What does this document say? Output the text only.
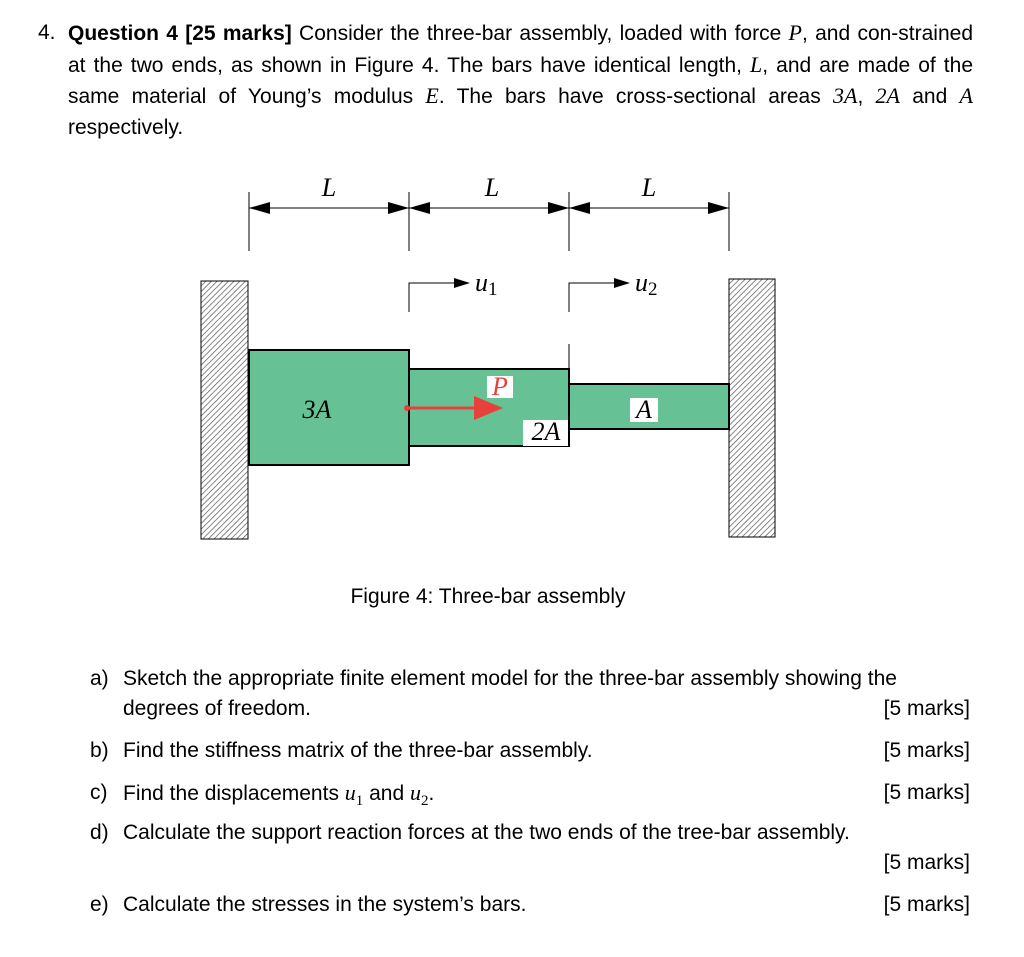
4. Question 4 [25 marks] Consider the three-bar assembly, loaded with force P, and con-strained at the two ends, as shown in Figure 4. The bars have identical length, L, and are made of the same material of Young’s modulus E. The bars have cross-sectional areas 3A, 2A and A respectively.
L	L	L
u1	u2
3A
2A
A
P
Figure 4: Three-bar assembly
a) Sketch the appropriate finite element model for the three-bar assembly showing the degrees of freedom.	[5 marks]
b) Find the stiffness matrix of the three-bar assembly.	[5 marks]
c) Find the displacements $u_1$ and $u_2$.	[5 marks]
d) Calculate the support reaction forces at the two ends of the tree-bar assembly.
[5 marks]
e) Calculate the stresses in the system’s bars.	[5 marks]
